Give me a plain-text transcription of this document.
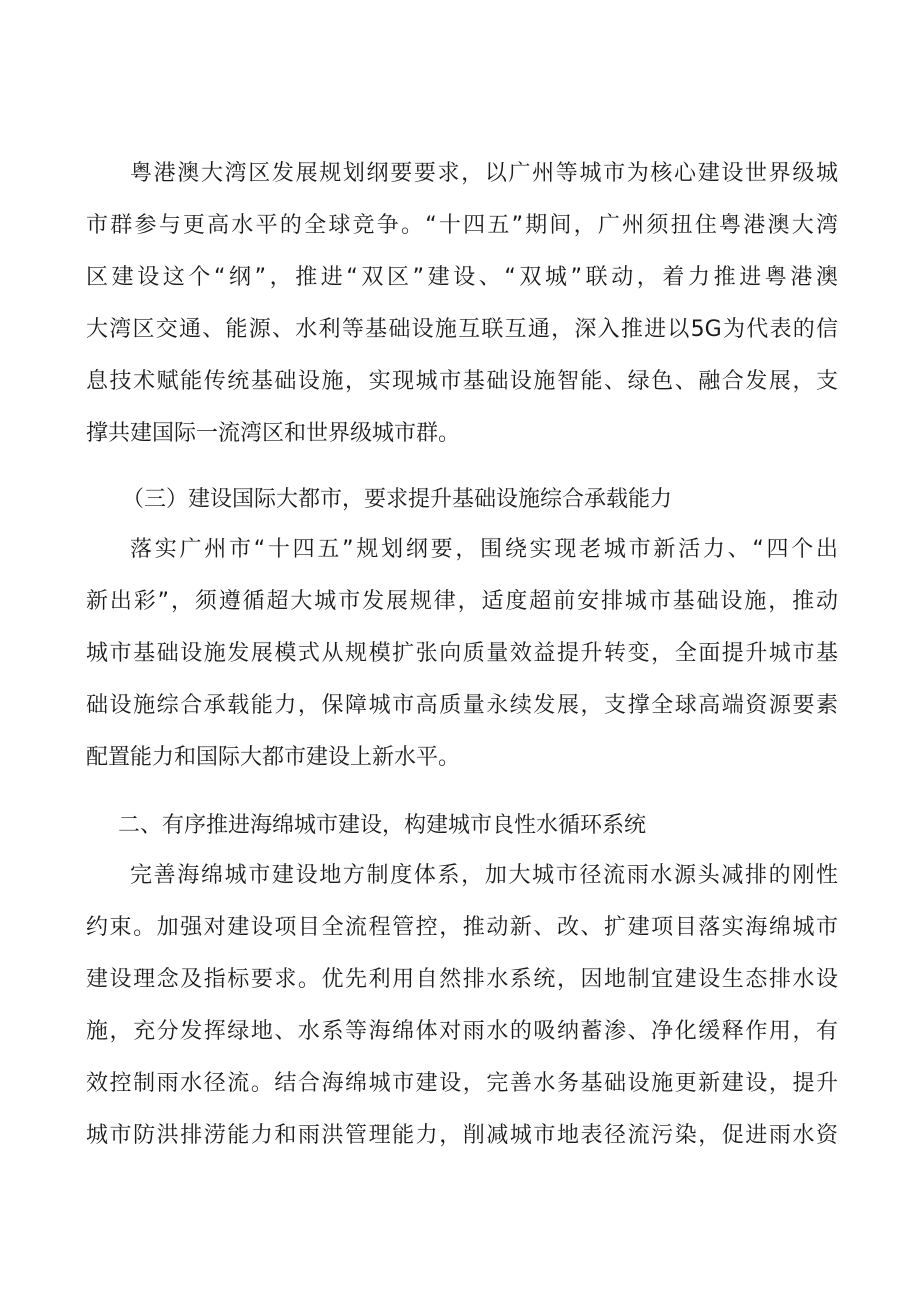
粤港澳大湾区发展规划纲要要求，以广州等城市为核心建设世界级城
市群参与更高水平的全球竞争。“十四五”期间，广州须扭住粤港澳大湾
区建设这个“纲”，推进“双区”建设、“双城”联动，着力推进粤港澳
大湾区交通、能源、水利等基础设施互联互通，深入推进以5G为代表的信
息技术赋能传统基础设施，实现城市基础设施智能、绿色、融合发展，支
撑共建国际一流湾区和世界级城市群。
（三）建设国际大都市，要求提升基础设施综合承载能力
落实广州市“十四五”规划纲要，围绕实现老城市新活力、“四个出
新出彩”，须遵循超大城市发展规律，适度超前安排城市基础设施，推动
城市基础设施发展模式从规模扩张向质量效益提升转变，全面提升城市基
础设施综合承载能力，保障城市高质量永续发展，支撑全球高端资源要素
配置能力和国际大都市建设上新水平。
二、有序推进海绵城市建设，构建城市良性水循环系统
完善海绵城市建设地方制度体系，加大城市径流雨水源头减排的刚性
约束。加强对建设项目全流程管控，推动新、改、扩建项目落实海绵城市
建设理念及指标要求。优先利用自然排水系统，因地制宜建设生态排水设
施，充分发挥绿地、水系等海绵体对雨水的吸纳蓄渗、净化缓释作用，有
效控制雨水径流。结合海绵城市建设，完善水务基础设施更新建设，提升
城市防洪排涝能力和雨洪管理能力，削减城市地表径流污染，促进雨水资
